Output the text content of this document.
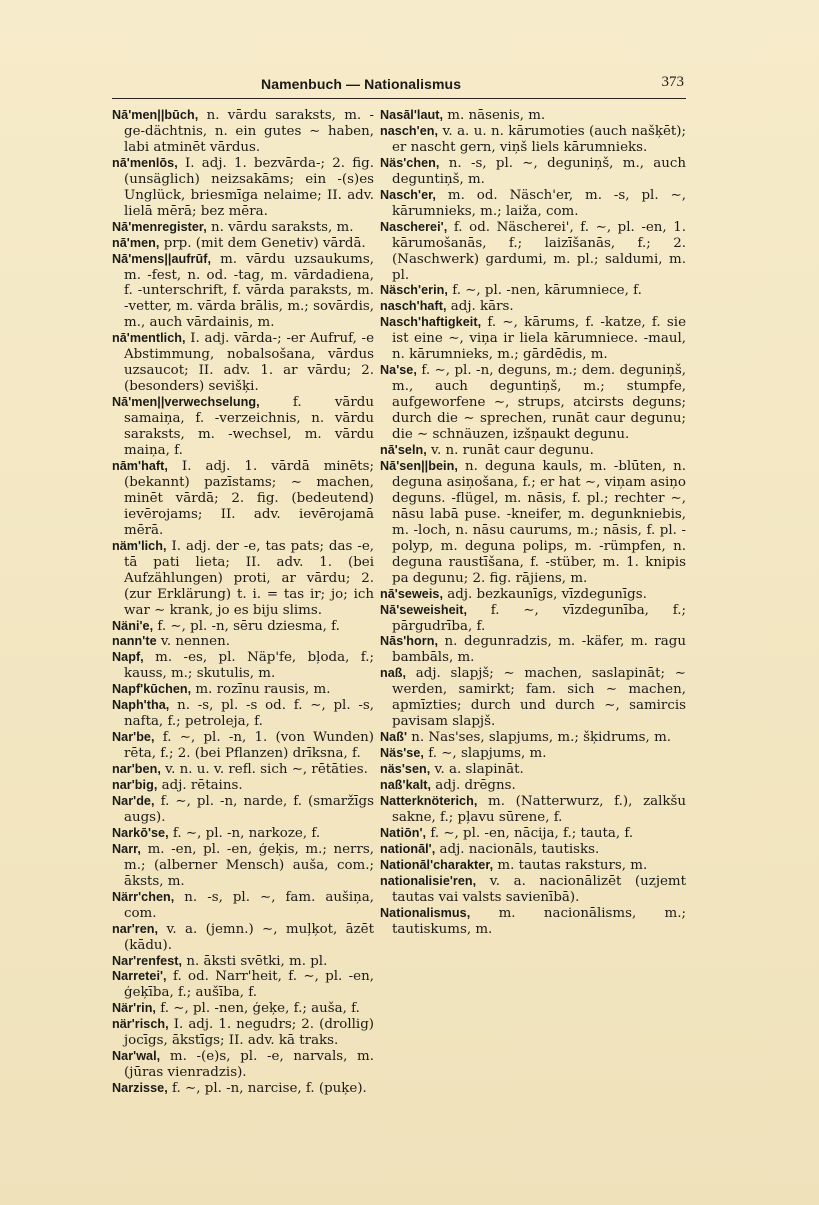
Namenbuch — Nationalismus	373

Nā'men||būch, n. vārdu saraksts, m. -ge-dächtnis, n. ein gutes ∼ haben, labi atminēt vārdus.

nā'menlōs, I. adj. 1. bezvārda-; 2. fig. (unsäglich) neizsakāms; ein -(s)es Unglück, briesmīga nelaime; II. adv. lielā mērā; bez mēra.

Nā'menregister, n. vārdu saraksts, m.

nā'men, prp. (mit dem Genetiv) vārdā.

Nā'mens||aufrūf, m. vārdu uzsaukums, m. -fest, n. od. -tag, m. vārdadiena, f. -unterschrift, f. vārda paraksts, m. -vetter, m. vārda brālis, m.; sovārdis, m., auch vārdainis, m.

nā'mentlich, I. adj. vārda-; -er Aufruf, -e Abstimmung, nobalsošana, vārdus uzsaucot; II. adv. 1. ar vārdu; 2. (besonders) sevišķi.

Nā'men||verwechselung, f. vārdu samaiņa, f. -verzeichnis, n. vārdu saraksts, m. -wechsel, m. vārdu maiņa, f.

nām'haft, I. adj. 1. vārdā minēts; (bekannt) pazīstams; ∼ machen, minēt vārdā; 2. fig. (bedeutend) ievērojams; II. adv. ievērojamā mērā.

näm'lich, I. adj. der -e, tas pats; das -e, tā pati lieta; II. adv. 1. (bei Aufzählungen) proti, ar vārdu; 2. (zur Erklärung) t. i. = tas ir; jo; ich war ∼ krank, jo es biju slims.

Näni'e, f. ∼, pl. -n, sēru dziesma, f.

nann'te v. nennen.

Napf, m. -es, pl. Näp'fe, bļoda, f.; kauss, m.; skutulis, m.

Napf'kūchen, m. rozīnu rausis, m.

Naph'tha, n. -s, pl. -s od. f. ∼, pl. -s, nafta, f.; petroleja, f.

Nar'be, f. ∼, pl. -n, 1. (von Wunden) rēta, f.; 2. (bei Pflanzen) drīksna, f.

nar'ben, v. n. u. v. refl. sich ∼, rētāties.

nar'big, adj. rētains.

Nar'de, f. ∼, pl. -n, narde, f. (smaržīgs augs).

Narkō'se, f. ∼, pl. -n, narkoze, f.

Narr, m. -en, pl. -en, ģeķis, m.; nerrs, m.; (alberner Mensch) auša, com.; āksts, m.

Närr'chen, n. -s, pl. ∼, fam. aušiņa, com.

nar'ren, v. a. (jemn.) ∼, muļķot, āzēt (kādu).

Nar'renfest, n. āksti svētki, m. pl.

Narretei', f. od. Narr'heit, f. ∼, pl. -en, ģeķība, f.; aušība, f.

När'rin, f. ∼, pl. -nen, ģeķe, f.; auša, f.

när'risch, I. adj. 1. negudrs; 2. (drollig) jocīgs, ākstīgs; II. adv. kā traks.

Nar'wal, m. -(e)s, pl. -e, narvals, m. (jūras vienradzis).

Narzisse, f. ∼, pl. -n, narcise, f. (puķe).

Nasāl'laut, m. nāsenis, m.

nasch'en, v. a. u. n. kārumoties (auch našķēt); er nascht gern, viņš liels kārumnieks.

Näs'chen, n. -s, pl. ∼, deguniņš, m., auch deguntiņš, m.

Nasch'er, m. od. Näsch'er, m. -s, pl. ∼, kārumnieks, m.; laiža, com.

Nascherei', f. od. Näscherei', f. ∼, pl. -en, 1. kārumošanās, f.; laizīšanās, f.; 2. (Naschwerk) gardumi, m. pl.; saldumi, m. pl.

Näsch'erin, f. ∼, pl. -nen, kārumniece, f.

nasch'haft, adj. kārs.

Nasch'haftigkeit, f. ∼, kārums, f. -katze, f. sie ist eine ∼, viņa ir liela kārumniece. -maul, n. kārumnieks, m.; gārdēdis, m.

Na'se, f. ∼, pl. -n, deguns, m.; dem. deguniņš, m., auch deguntiņš, m.; stumpfe, aufgeworfene ∼, strups, atcirsts deguns; durch die ∼ sprechen, runāt caur degunu; die ∼ schnäuzen, izšņaukt degunu.

nā'seln, v. n. runāt caur degunu.

Nā'sen||bein, n. deguna kauls, m. -blūten, n. deguna asiņošana, f.; er hat ∼, viņam asiņo deguns. -flügel, m. nāsis, f. pl.; rechter ∼, nāsu labā puse. -kneifer, m. degunkniebis, m. -loch, n. nāsu caurums, m.; nāsis, f. pl. -polyp, m. deguna polips, m. -rümpfen, n. deguna raustīšana, f. -stüber, m. 1. knipis pa degunu; 2. fig. rājiens, m.

nā'seweis, adj. bezkaunīgs, vīzdegunīgs.

Nā'seweisheit, f. ∼, vīzdegunība, f.; pārgudrība, f.

Nās'horn, n. degunradzis, m. -käfer, m. ragu bambāls, m.

naß, adj. slapjš; ∼ machen, saslapināt; ∼ werden, samirkt; fam. sich ∼ machen, apmīzties; durch und durch ∼, samircis pavisam slapjš.

Naß' n. Nas'ses, slapjums, m.; šķidrums, m.

Näs'se, f. ∼, slapjums, m.

näs'sen, v. a. slapināt.

naß'kalt, adj. drēgns.

Natterknöterich, m. (Natterwurz, f.), zalkšu sakne, f.; pļavu sūrene, f.

Natiōn', f. ∼, pl. -en, nācija, f.; tauta, f.

nationāl', adj. nacionāls, tautisks.

Nationāl'charakter, m. tautas raksturs, m.

nationalisie'ren, v. a. nacionālizēt (uzjemt tautas vai valsts savienībā).

Nationalismus, m. nacionālisms, m.; tautiskums, m.
